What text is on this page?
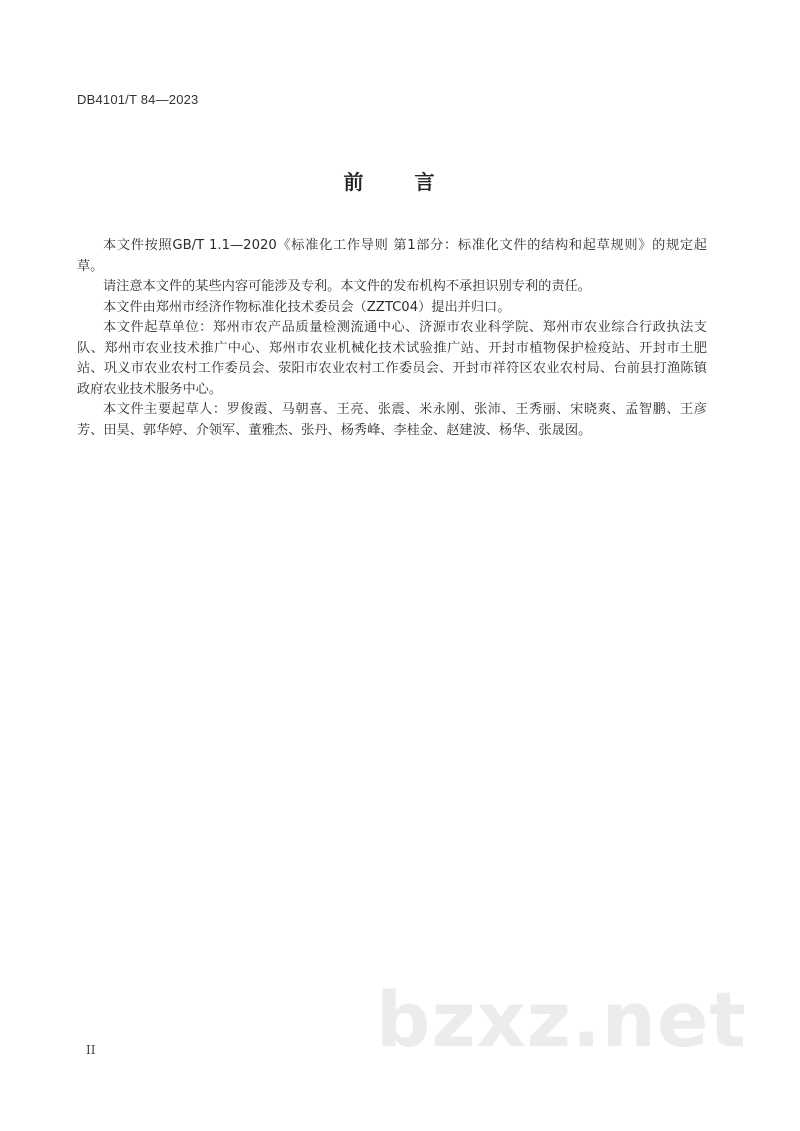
DB4101/T 84—2023
前 言

本文件按照GB/T 1.1—2020《标准化工作导则 第1部分：标准化文件的结构和起草规则》的规定起草。

请注意本文件的某些内容可能涉及专利。本文件的发布机构不承担识别专利的责任。

本文件由郑州市经济作物标准化技术委员会（ZZTC04）提出并归口。

本文件起草单位：郑州市农产品质量检测流通中心、济源市农业科学院、郑州市农业综合行政执法支队、郑州市农业技术推广中心、郑州市农业机械化技术试验推广站、开封市植物保护检疫站、开封市土肥站、巩义市农业农村工作委员会、荥阳市农业农村工作委员会、开封市祥符区农业农村局、台前县打渔陈镇政府农业技术服务中心。

本文件主要起草人：罗俊霞、马朝喜、王亮、张震、米永刚、张沛、王秀丽、宋晓爽、孟智鹏、王彦芳、田昊、郭华婷、介领军、董雅杰、张丹、杨秀峰、李桂金、赵建波、杨华、张晟囡。

bzxz.net
II
